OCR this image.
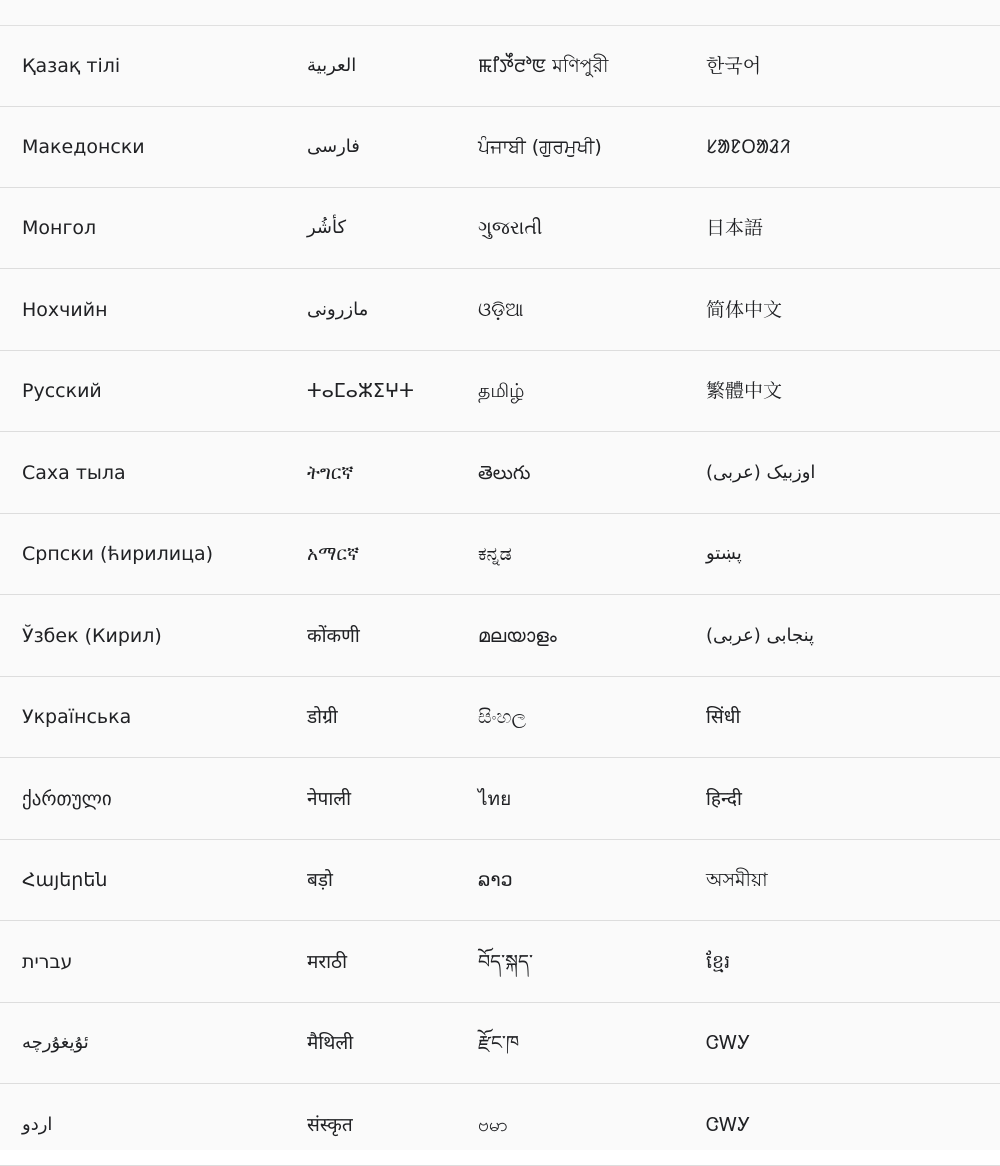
Қазақ тілі	العربية	ꯃꯤꯇꯩꯂꯣꯟ মণিপুরী	한국어
Македонски	فارسی	ਪੰਜਾਬੀ (ਗੁਰਮੁਖੀ)	ᱥᱟᱱᱛᱟᱲᱤ
Монгол	کأشُر	ગુજરાતી	日本語
Нохчийн	مازرونی	ଓଡ଼ିଆ	简体中文
Русский	ⵜⴰⵎⴰⵣⵉⵖⵜ	தமிழ்	繁體中文
Саха тыла	ትግርኛ	తెలుగు	اوزبیک (عربی)
Српски (ћирилица)	አማርኛ	ಕನ್ನಡ	پښتو
Ўзбек (Кирил)	कोंकणी	മലയാളം	پنجابی (عربی)
Українська	डोग्री	සිංහල	सिंधी
ქართული	नेपाली	ไทย	हिन्दी
Հայերեն	बड़ो	ລາວ	অসমীয়া
עברית	मराठी	བོད་སྐད་	ខ្មែរ
ئۇيغۇرچە	मैथिली	རྫོང་ཁ	ᏣᎳᎩ
اردو	संस्कृत	ဗမာ	ᏣᎳᎩ
